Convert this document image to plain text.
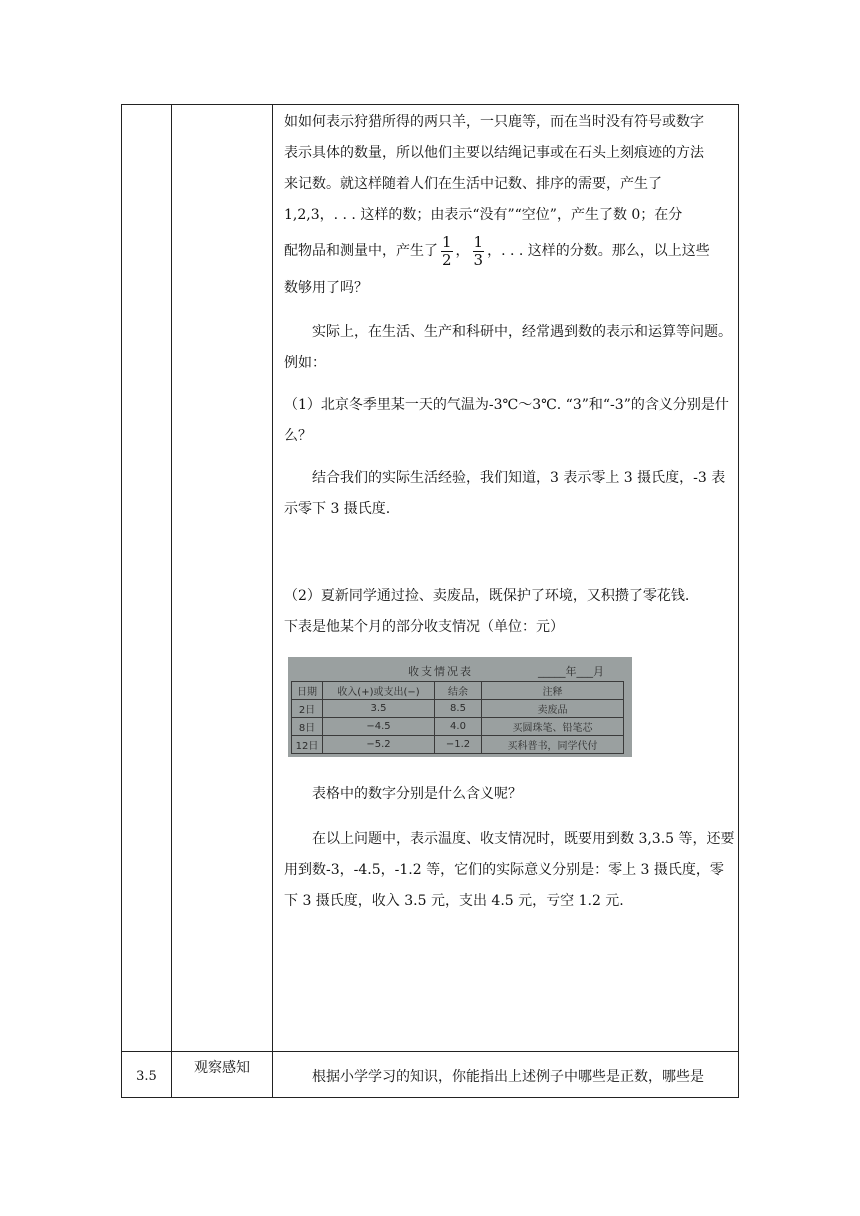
3.5
观察感知
根据小学学习的知识，你能指出上述例子中哪些是正数，哪些是

如如何表示狩猎所得的两只羊，一只鹿等，而在当时没有符号或数字

表示具体的数量，所以他们主要以结绳记事或在石头上刻痕迹的方法

来记数。就这样随着人们在生活中记数、排序的需要，产生了

1,2,3，. . . 这样的数；由表示“没有”“空位”，产生了数 0；在分

配物品和测量中，产生了 $\frac{1}{2}$ ， $\frac{1}{3}$ ，. . . 这样的分数。那么，以上这些

数够用了吗？

实际上，在生活、生产和科研中，经常遇到数的表示和运算等问题。例如：

（1）北京冬季里某一天的气温为-3℃～3℃. “3”和“-3”的含义分别是什么？

结合我们的实际生活经验，我们知道，3 表示零上 3 摄氏度，-3 表示零下 3 摄氏度.

（2）夏新同学通过捡、卖废品，既保护了环境，又积攒了零花钱.

下表是他某个月的部分收支情况（单位：元）

收支情况表	_____年___月
日期	收入(+)或支出(−)	结余	注释
2日	3.5	8.5	卖废品
8日	−4.5	4.0	买圆珠笔、铅笔芯
12日	−5.2	−1.2	买科普书，同学代付

表格中的数字分别是什么含义呢？

在以上问题中，表示温度、收支情况时，既要用到数 3,3.5 等，还要用到数-3，-4.5，-1.2 等，它们的实际意义分别是：零上 3 摄氏度，零下 3 摄氏度，收入 3.5 元，支出 4.5 元，亏空 1.2 元.
